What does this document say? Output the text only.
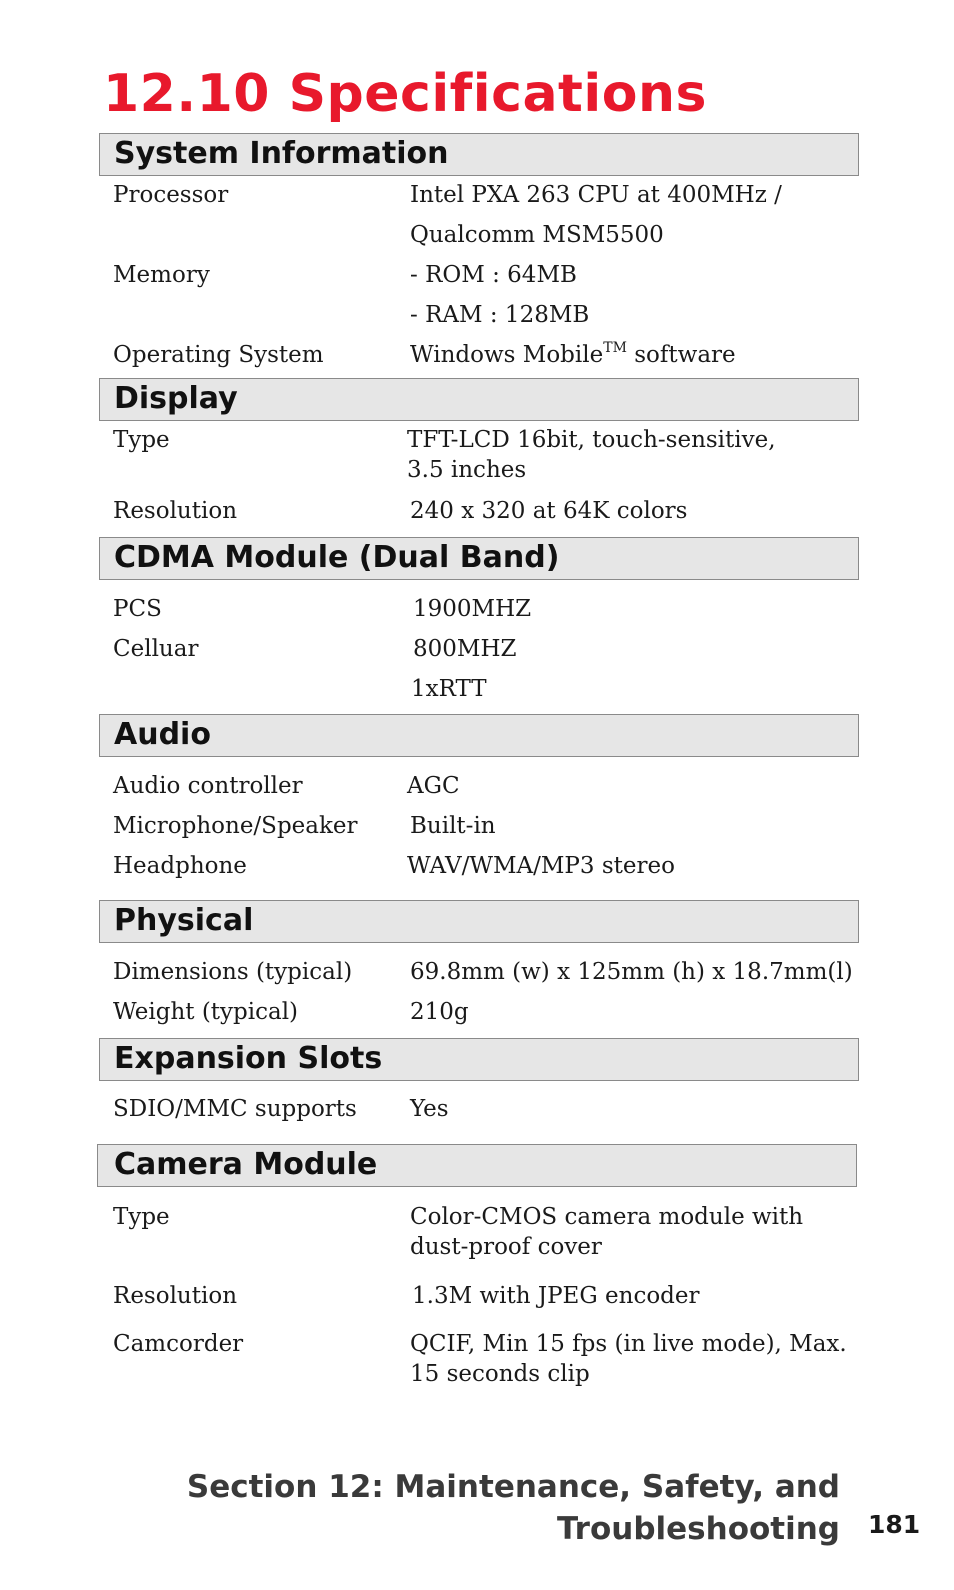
12.10 Specifications
System Information
Processor	Intel PXA 263 CPU at 400MHz /
Qualcomm MSM5500
Memory	- ROM : 64MB
- RAM : 128MB
Operating System	Windows Mobile™ software
Display
Type	TFT-LCD 16bit, touch-sensitive, 3.5 inches
Resolution	240 x 320 at 64K colors
CDMA Module (Dual Band)
PCS	1900MHZ
Celluar	800MHZ
1xRTT
Audio
Audio controller	AGC
Microphone/Speaker Built-in
Headphone	WAV/WMA/MP3 stereo
Physical
Dimensions (typical)	69.8mm (w) x 125mm (h) x 18.7mm(l)
Weight (typical)	210g
Expansion Slots
SDIO/MMC supports Yes
Camera Module
Type	Color-CMOS camera module with dust-proof cover
Resolution	1.3M with JPEG encoder
Camcorder	QCIF, Min 15 fps (in live mode), Max. 15 seconds clip
Section 12: Maintenance, Safety, and
Troubleshooting 181
